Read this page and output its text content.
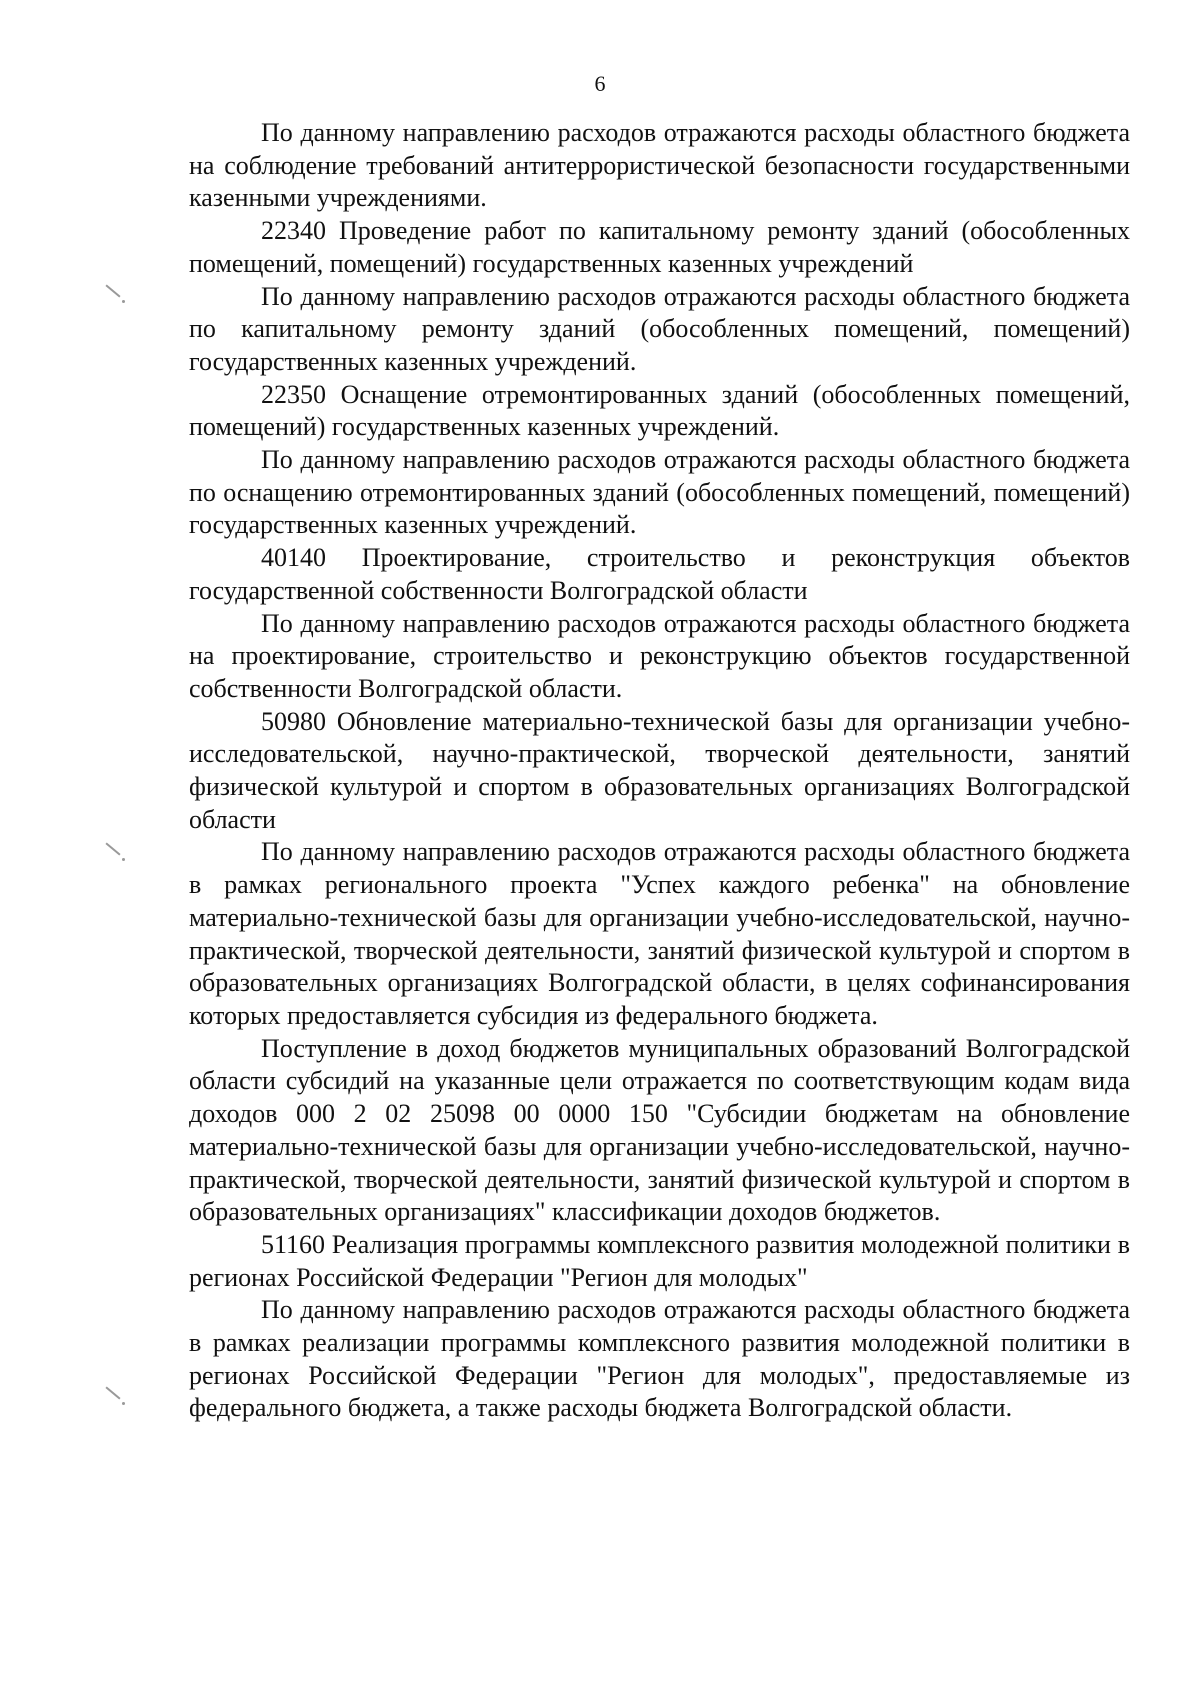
6

По данному направлению расходов отражаются расходы областного бюджета на соблюдение требований антитеррористической безопасности государственными казенными учреждениями.

22340 Проведение работ по капитальному ремонту зданий (обособленных помещений, помещений) государственных казенных учреждений

По данному направлению расходов отражаются расходы областного бюджета по капитальному ремонту зданий (обособленных помещений, помещений) государственных казенных учреждений.

22350 Оснащение отремонтированных зданий (обособленных помещений, помещений) государственных казенных учреждений.

По данному направлению расходов отражаются расходы областного бюджета по оснащению отремонтированных зданий (обособленных помещений, помещений) государственных казенных учреждений.

40140 Проектирование, строительство и реконструкция объектов государственной собственности Волгоградской области

По данному направлению расходов отражаются расходы областного бюджета на проектирование, строительство и реконструкцию объектов государственной собственности Волгоградской области.

50980 Обновление материально-технической базы для организации учебно-исследовательской, научно-практической, творческой деятельности, занятий физической культурой и спортом в образовательных организациях Волгоградской области

По данному направлению расходов отражаются расходы областного бюджета в рамках регионального проекта "Успех каждого ребенка" на обновление материально-технической базы для организации учебно-исследовательской, научно-практической, творческой деятельности, занятий физической культурой и спортом в образовательных организациях Волгоградской области, в целях софинансирования которых предоставляется субсидия из федерального бюджета.

Поступление в доход бюджетов муниципальных образований Волгоградской области субсидий на указанные цели отражается по соответствующим кодам вида доходов 000 2 02 25098 00 0000 150 "Субсидии бюджетам на обновление материально-технической базы для организации учебно-исследовательской, научно-практической, творческой деятельности, занятий физической культурой и спортом в образовательных организациях" классификации доходов бюджетов.

51160 Реализация программы комплексного развития молодежной политики в регионах Российской Федерации "Регион для молодых"

По данному направлению расходов отражаются расходы областного бюджета в рамках реализации программы комплексного развития молодежной политики в регионах Российской Федерации "Регион для молодых", предоставляемые из федерального бюджета, а также расходы бюджета Волгоградской области.
